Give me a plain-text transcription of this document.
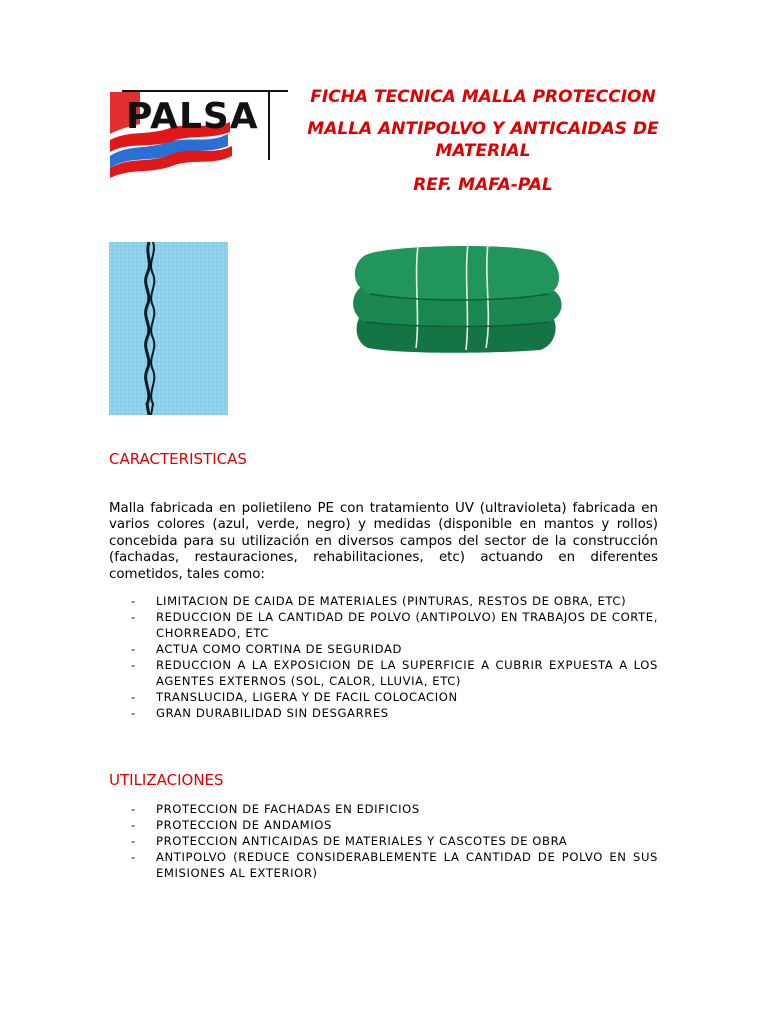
PALSA	FICHA TECNICA MALLA PROTECCION

MALLA ANTIPOLVO Y ANTICAIDAS DE MATERIAL

REF. MAFA-PAL

CARACTERISTICAS
Malla fabricada en polietileno PE con tratamiento UV (ultravioleta) fabricada en varios colores (azul, verde, negro) y medidas (disponible en mantos y rollos) concebida para su utilización en diversos campos del sector de la construcción (fachadas, restauraciones, rehabilitaciones, etc) actuando en diferentes cometidos, tales como:
- LIMITACION DE CAIDA DE MATERIALES (PINTURAS, RESTOS DE OBRA, ETC)
- REDUCCION DE LA CANTIDAD DE POLVO (ANTIPOLVO) EN TRABAJOS DE CORTE, CHORREADO, ETC
- ACTUA COMO CORTINA DE SEGURIDAD
- REDUCCION A LA EXPOSICION DE LA SUPERFICIE A CUBRIR EXPUESTA A LOS AGENTES EXTERNOS (SOL, CALOR, LLUVIA, ETC)
- TRANSLUCIDA, LIGERA Y DE FACIL COLOCACION
- GRAN DURABILIDAD SIN DESGARRES
UTILIZACIONES
- PROTECCION DE FACHADAS EN EDIFICIOS
- PROTECCION DE ANDAMIOS
- PROTECCION ANTICAIDAS DE MATERIALES Y CASCOTES DE OBRA
- ANTIPOLVO (REDUCE CONSIDERABLEMENTE LA CANTIDAD DE POLVO EN SUS EMISIONES AL EXTERIOR)
